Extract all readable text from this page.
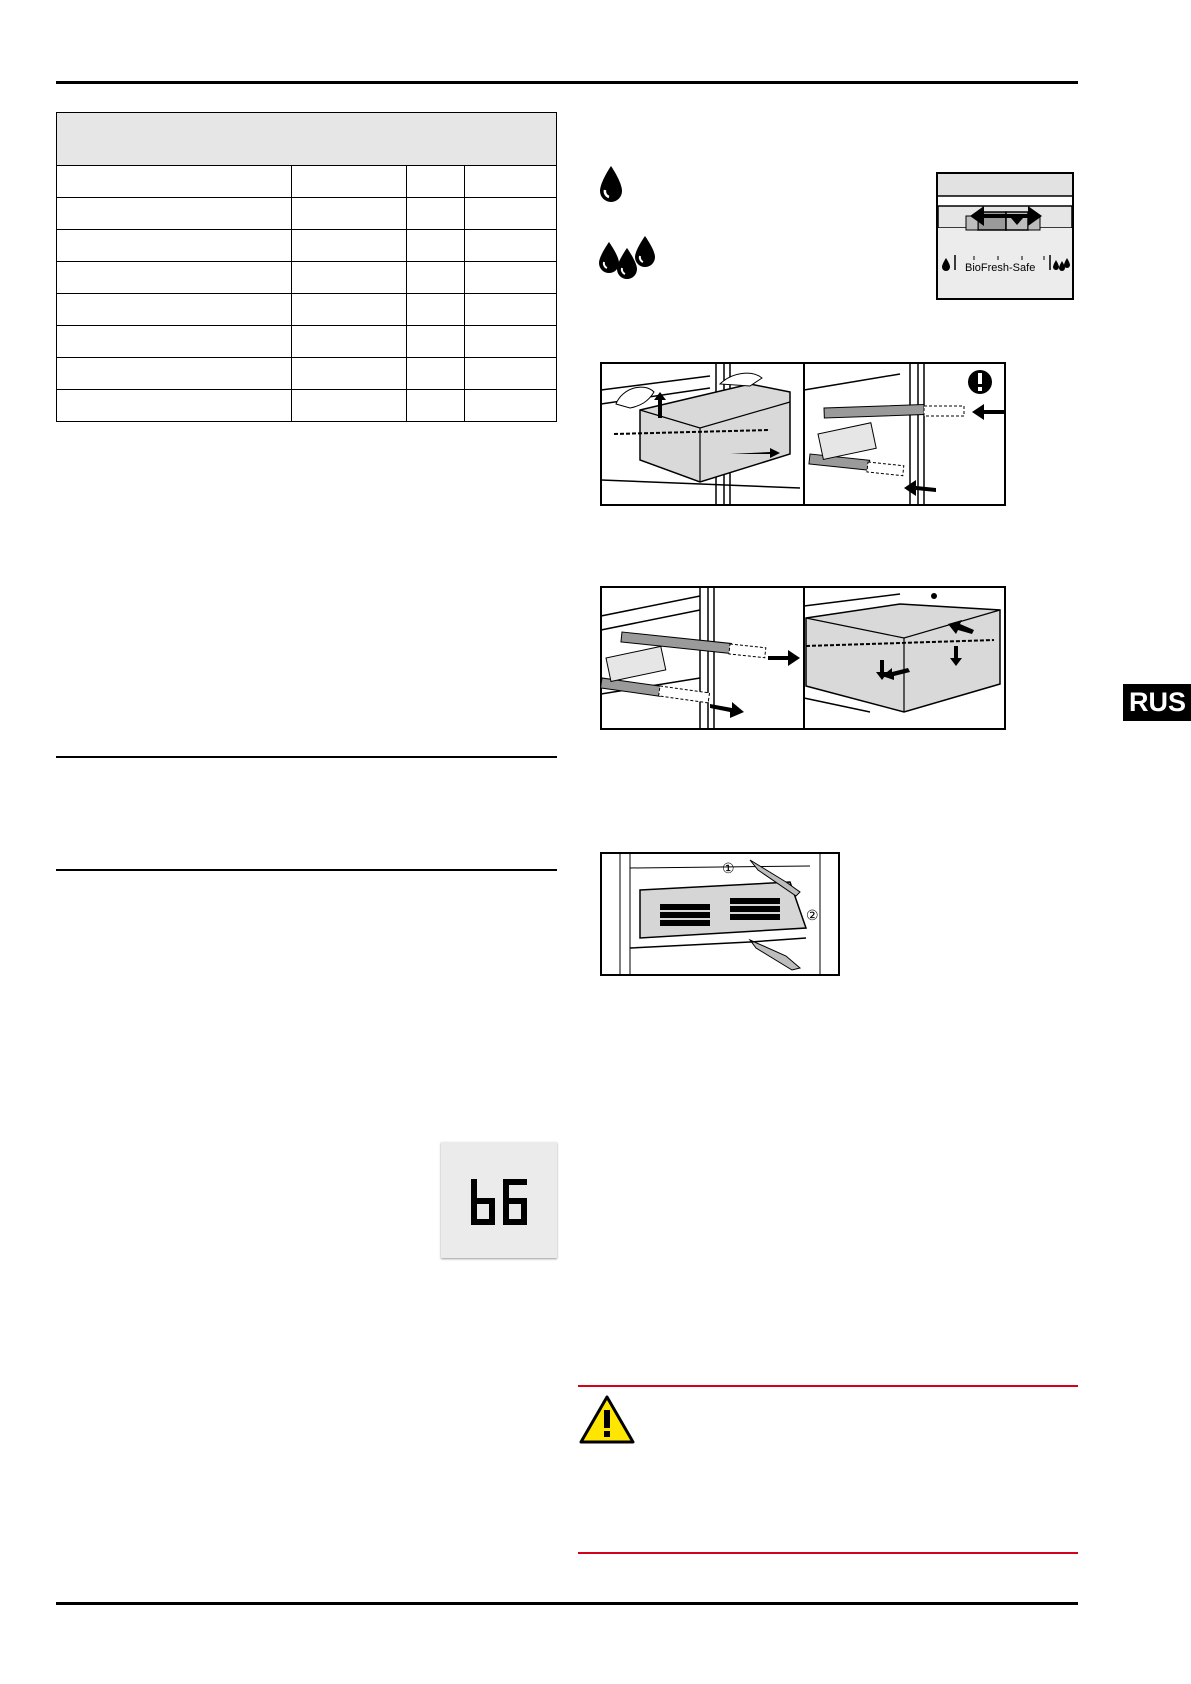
BioFresh-Safe
①
②
RUS
